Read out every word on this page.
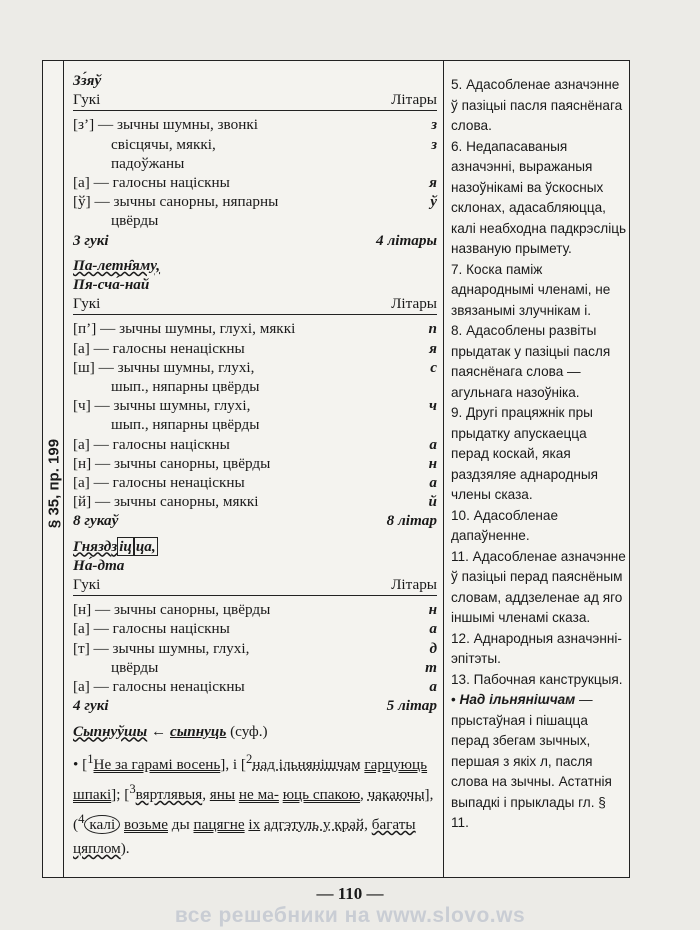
§ 35, пр. 199
Зз́яў
Гукі	Літары
[з’] — зычны шумны, звонкі	з
свісцячы, мяккі,	з
падоўжаны
[а] — галосны націскны	я
[ў] — зычны санорны, няпарны	ў
цвёрды
3 гукі	4 літары
Па-летн̑яму,
Пя-сча́-най
Гукі	Літары
[п’] — зычны шумны, глухі, мяккі	п
[а] — галосны ненацiскны	я
[ш] — зычны шумны, глухі,	с
шып., няпарны цвёрды
[ч] — зычны шумны, глухі,	ч
шып., няпарны цвёрды
[а] — галосны націскны	а
[н] — зычны санорны, цвёрды	н
[а] — галосны ненацiскны	а
[й] — зычны санорны, мяккі	й
8 гукаў	8 літар
Гняздз іц ца,
На́-дта
Гукі	Літары
[н] — зычны санорны, цвёрды	н
[а] — галосны націскны	а
[т] — зычны шумны, глухі,	д
цвёрды	т
[а] — галосны ненацiскны	а
4 гукі	5 літар
Сыпнуўшы ← сыпнуць (суф.)
• [$^1$Не за гарамі восень], і [$^2$над ільнянішчам гарцуюць шпакі]; [$^3$вяртлявыя, яны не ма- юць спакою, чакаючы], ($^4$ калі возьме ды пацягне іх адгэтуль у край, багаты цяплом).

5. Адасобленае азначэнне ў пазіцыі пасля паяснёнага слова.

6. Недапасаваныя азначэнні, выражаныя назоўнікамі ва ўскосных склонах, адасабляюцца, калі неабходна падкрэсліць названую прымету.

7. Коска паміж аднароднымі членамі, не звязанымі злучнікам і.

8. Адасоблены развіты прыдатак у пазіцыі пасля паяснёнага слова — агульнага назоўніка.

9. Другі працяжнік пры прыдатку апускаецца перад коскай, якая раздзяляе аднародныя члены сказа.

10. Адасобленае дапаўненне.

11. Адасобленае азначэнне ў пазіцыі перад паяснёным словам, аддзеленае ад яго іншымі членамі сказа.

12. Аднародныя азначэнні-эпітэты.

13. Пабочная канструкцыя.

• Над ільнянішчам — прыстаўная і пішацца перад збегам зычных, першая з якіх л, пасля слова на зычны. Астатнія выпадкі і прыклады гл. § 11.

— 110 —
все решебники на www.slovo.ws
